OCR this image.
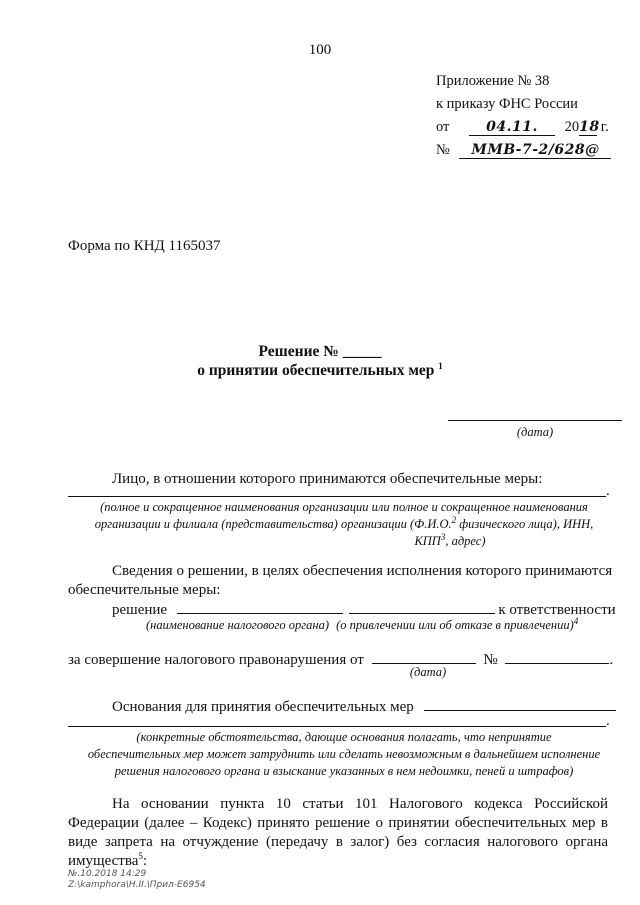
100
Приложение № 38
к приказу ФНС России
от	04.11. 2018 г.
№ ММВ-7-2/628@
Форма по КНД 1165037
Решение № _____
о принятии обеспечительных мер $^1$
(дата)
Лицо, в отношении которого принимаются обеспечительные меры:
.
(полное и сокращенное наименования организации или полное и сокращенное наименования
организации и филиала (представительства) организации (Ф.И.О.$^2$ физического лица), ИНН,
КПП$^3$, адрес)
Сведения о решении, в целях обеспечения исполнения которого принимаются
обеспечительные меры:
решение	к ответственности
(наименование налогового органа) (о привлечении или об отказе в привлечении)$^4$
за совершение налогового правонарушения от	№	.
(дата)
Основания для принятия обеспечительных мер
.
(конкретные обстоятельства, дающие основания полагать, что непринятие
обеспечительных мер может затруднить или сделать невозможным в дальнейшем исполнение
решения налогового органа и взыскание указанных в нем недоимки, пеней и штрафов)
На основании пункта 10 статьи 101 Налогового кодекса Российской
Федерации (далее – Кодекс) принято решение о принятии обеспечительных мер в
виде запрета на отчуждение (передачу в залог) без согласия налогового органа
имущества$^5$:
№.10.2018 14:29
Z:\kamphora\H.II.\Прил-Е6954
